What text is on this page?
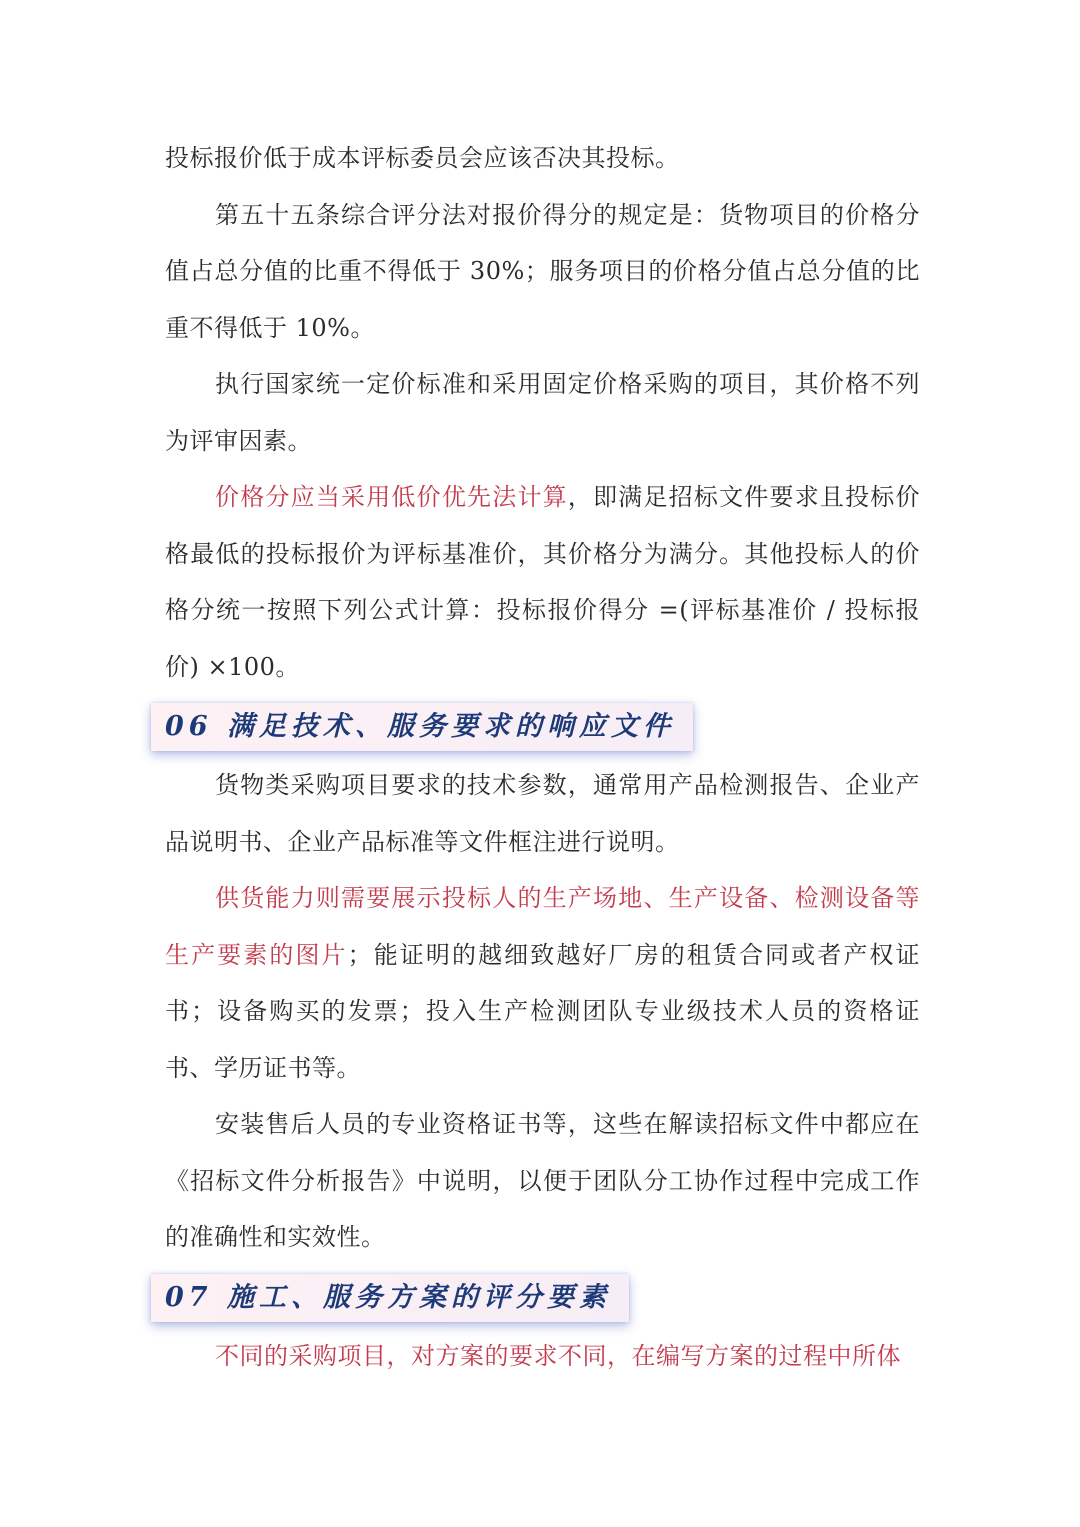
投标报价低于成本评标委员会应该否决其投标。

第五十五条综合评分法对报价得分的规定是：货物项目的价格分值占总分值的比重不得低于 30%；服务项目的价格分值占总分值的比重不得低于 10%。

执行国家统一定价标准和采用固定价格采购的项目，其价格不列为评审因素。

价格分应当采用低价优先法计算，即满足招标文件要求且投标价格最低的投标报价为评标基准价，其价格分为满分。其他投标人的价格分统一按照下列公式计算：投标报价得分 =(评标基准价 / 投标报价) ×100。

06 满足技术、服务要求的响应文件

货物类采购项目要求的技术参数，通常用产品检测报告、企业产品说明书、企业产品标准等文件框注进行说明。

供货能力则需要展示投标人的生产场地、生产设备、检测设备等生产要素的图片；能证明的越细致越好厂房的租赁合同或者产权证书；设备购买的发票；投入生产检测团队专业级技术人员的资格证书、学历证书等。

安装售后人员的专业资格证书等，这些在解读招标文件中都应在《招标文件分析报告》中说明，以便于团队分工协作过程中完成工作的准确性和实效性。

07 施工、服务方案的评分要素

不同的采购项目，对方案的要求不同，在编写方案的过程中所体
